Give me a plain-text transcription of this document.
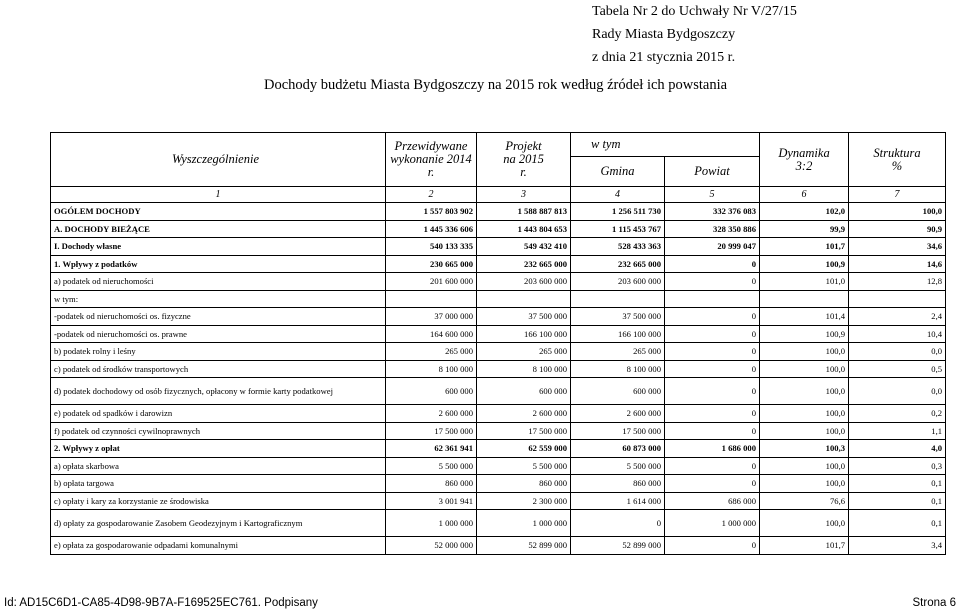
Tabela Nr 2 do Uchwały Nr V/27/15
Rady Miasta Bydgoszczy
z dnia 21 stycznia 2015 r.
Dochody budżetu Miasta Bydgoszczy na 2015 rok według źródeł ich powstania
Wyszczególnienie	Przewidywane wykonanie 2014 r.	Projekt na 2015 r.	w tym		Dynamika 3:2	Struktura %
			Gmina	Powiat		
1	2	3	4	5	6	7
OGÓLEM DOCHODY	1 557 803 902	1 588 887 813	1 256 511 730	332 376 083	102,0	100,0
A. DOCHODY BIEŻĄCE	1 445 336 606	1 443 804 653	1 115 453 767	328 350 886	99,9	90,9
I. Dochody własne	540 133 335	549 432 410	528 433 363	20 999 047	101,7	34,6
1. Wpływy z podatków	230 665 000	232 665 000	232 665 000	0	100,9	14,6
a) podatek od nieruchomości	201 600 000	203 600 000	203 600 000	0	101,0	12,8
w tym:						
-podatek od nieruchomości os. fizyczne	37 000 000	37 500 000	37 500 000	0	101,4	2,4
-podatek od nieruchomości os. prawne	164 600 000	166 100 000	166 100 000	0	100,9	10,4
b) podatek rolny i leśny	265 000	265 000	265 000	0	100,0	0,0
c) podatek od środków transportowych	8 100 000	8 100 000	8 100 000	0	100,0	0,5
d) podatek dochodowy od osób fizycznych, opłacony w formie karty podatkowej	600 000	600 000	600 000	0	100,0	0,0
e) podatek od spadków i darowizn	2 600 000	2 600 000	2 600 000	0	100,0	0,2
f) podatek od czynności cywilnoprawnych	17 500 000	17 500 000	17 500 000	0	100,0	1,1
2. Wpływy z opłat	62 361 941	62 559 000	60 873 000	1 686 000	100,3	4,0
a) opłata skarbowa	5 500 000	5 500 000	5 500 000	0	100,0	0,3
b) opłata targowa	860 000	860 000	860 000	0	100,0	0,1
c) opłaty i kary za korzystanie ze środowiska	3 001 941	2 300 000	1 614 000	686 000	76,6	0,1
d) opłaty za gospodarowanie Zasobem Geodezyjnym i Kartograficznym	1 000 000	1 000 000	0	1 000 000	100,0	0,1
e) opłata za gospodarowanie odpadami komunalnymi	52 000 000	52 899 000	52 899 000	0	101,7	3,4
Id: AD15C6D1-CA85-4D98-9B7A-F169525EC761. Podpisany	Strona 6
